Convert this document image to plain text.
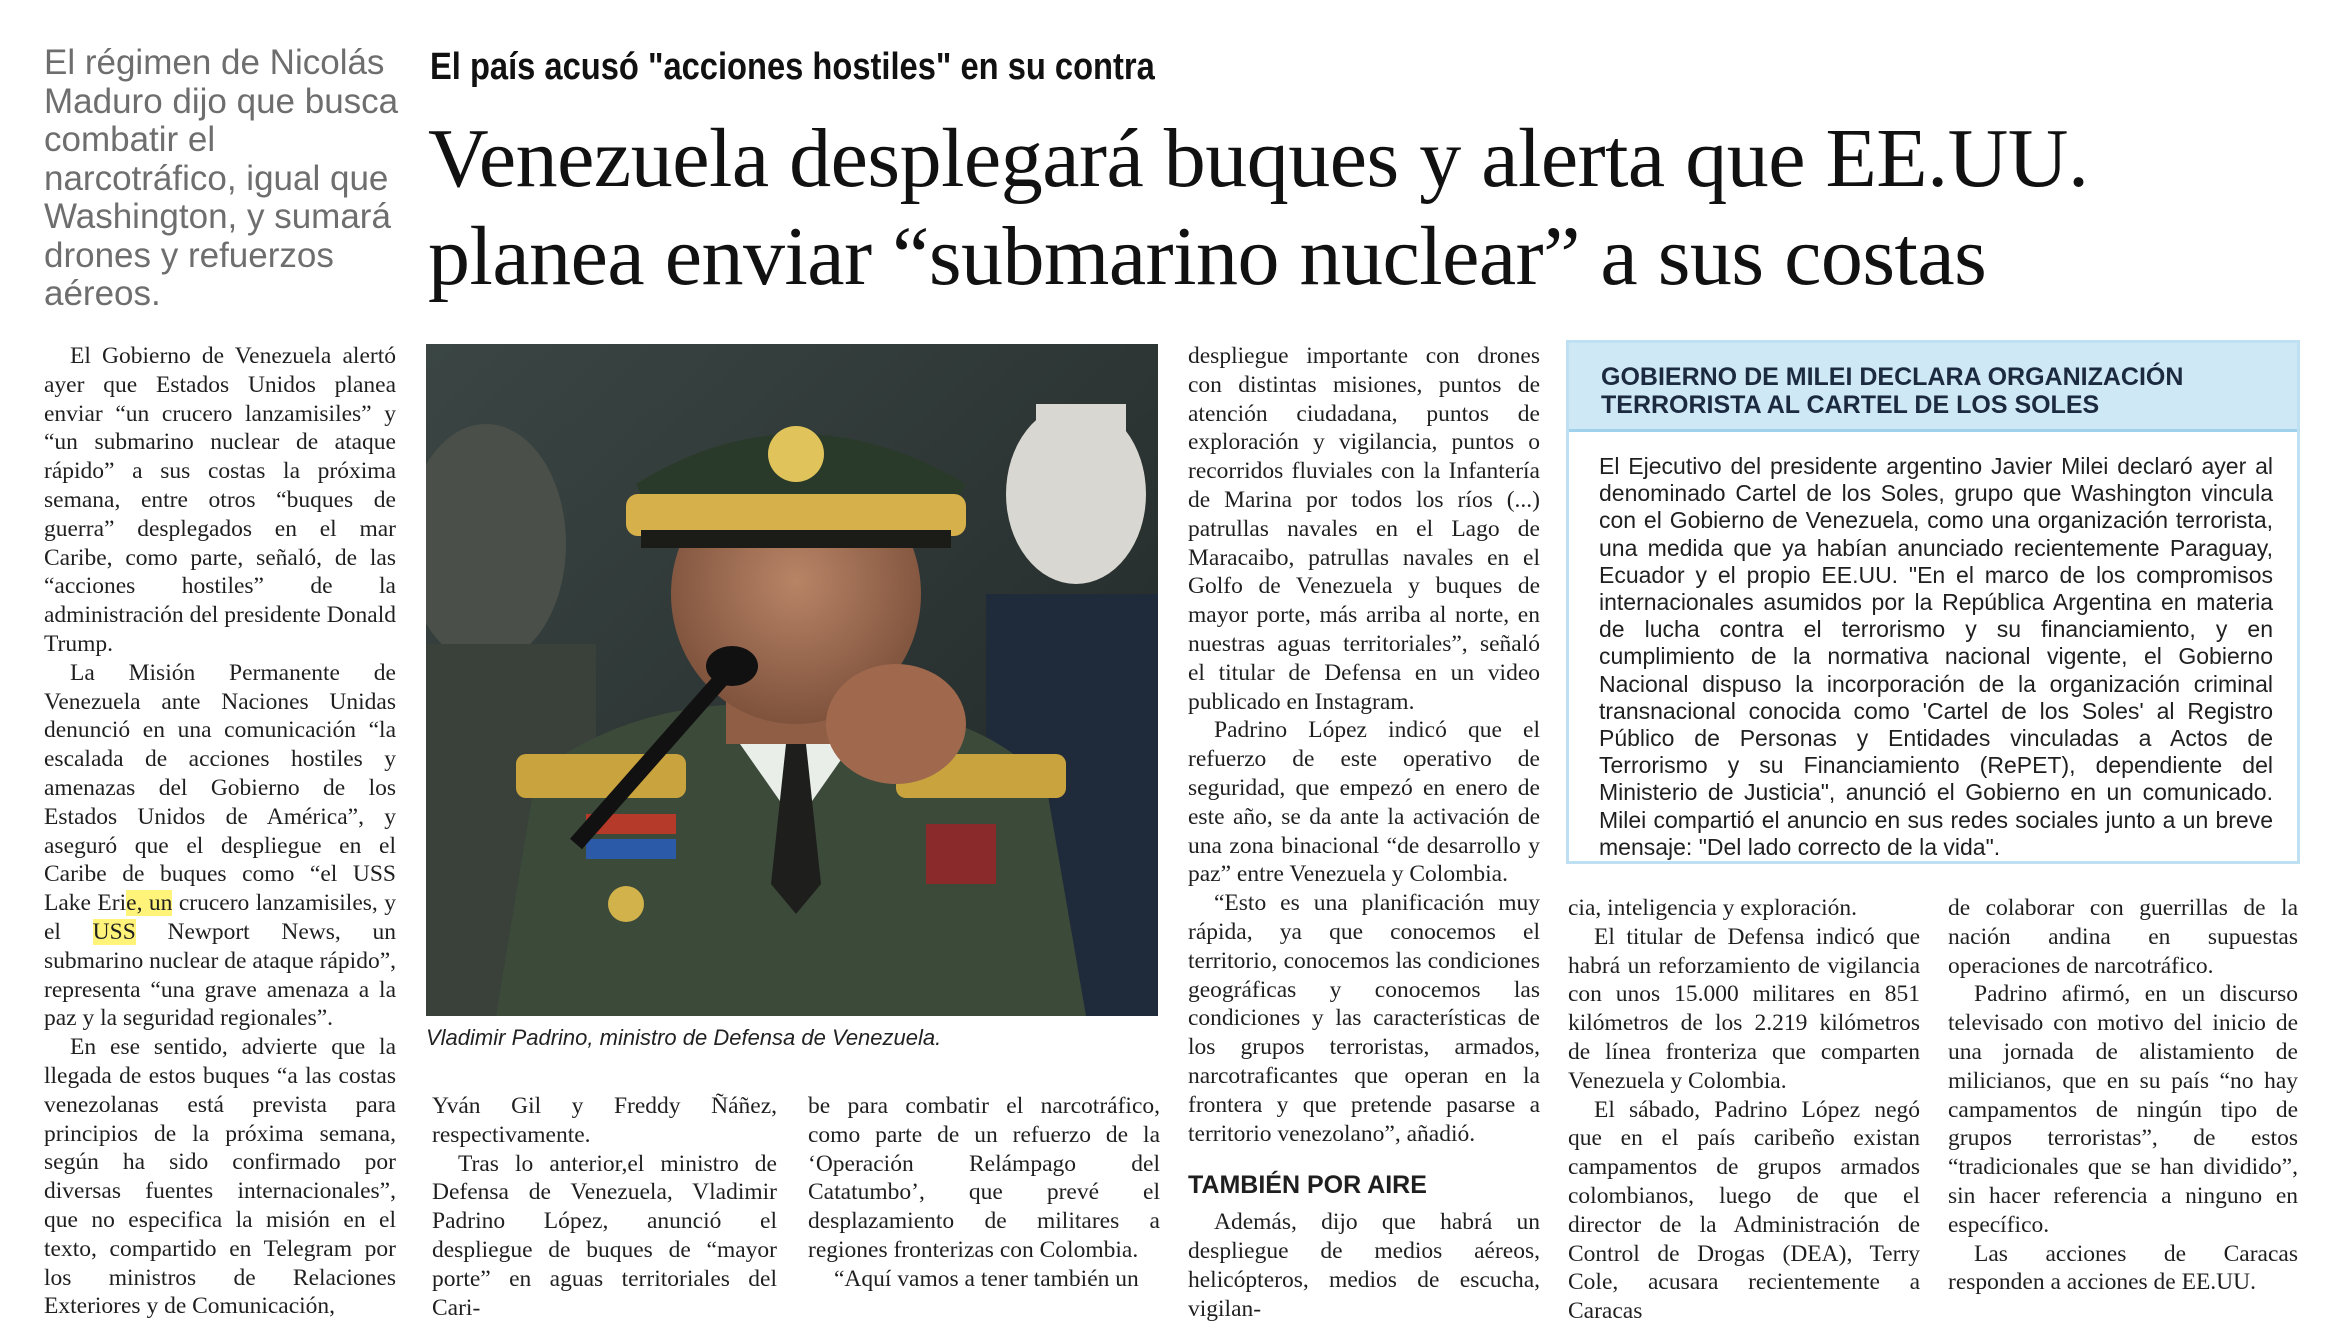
El régimen de Nicolás Maduro dijo que busca combatir el narcotráfico, igual que Washington, y sumará drones y refuerzos aéreos.
El país acusó "acciones hostiles" en su contra
Venezuela desplegará buques y alerta que EE.UU.
planea enviar “submarino nuclear” a sus costas

El Gobierno de Venezuela alertó ayer que Estados Unidos planea enviar “un crucero lanzamisiles” y “un submarino nuclear de ataque rápido” a sus costas la próxima semana, entre otros “buques de guerra” desplegados en el mar Caribe, como parte, señaló, de las “acciones hostiles” de la administración del presidente Donald Trump.

La Misión Permanente de Venezuela ante Naciones Unidas denunció en una comunicación “la escalada de acciones hostiles y amenazas del Gobierno de los Estados Unidos de América”, y aseguró que el despliegue en el Caribe de buques como “el USS Lake Erie, un crucero lanzamisiles, y el USS Newport News, un submarino nuclear de ataque rápido”, representa “una grave amenaza a la paz y la seguridad regionales”.

En ese sentido, advierte que la llegada de estos buques “a las costas venezolanas está prevista para principios de la próxima semana, según ha sido confirmado por diversas fuentes internacionales”, que no especifica la misión en el texto, compartido en Telegram por los ministros de Relaciones Exteriores y de Comunicación,

Vladimir Padrino, ministro de Defensa de Venezuela.

Yván Gil y Freddy Ñáñez, respectivamente.

Tras lo anterior,el ministro de Defensa de Venezuela, Vladimir Padrino López, anunció el despliegue de buques de “mayor porte” en aguas territoriales del Cari-

be para combatir el narcotráfico, como parte de un refuerzo de la ‘Operación Relámpago del Catatumbo’, que prevé el desplazamiento de militares a regiones fronterizas con Colombia.

“Aquí vamos a tener también un

despliegue importante con drones con distintas misiones, puntos de atención ciudadana, puntos de exploración y vigilancia, puntos o recorridos fluviales con la Infantería de Marina por todos los ríos (...) patrullas navales en el Lago de Maracaibo, patrullas navales en el Golfo de Venezuela y buques de mayor porte, más arriba al norte, en nuestras aguas territoriales”, señaló el titular de Defensa en un video publicado en Instagram.

Padrino López indicó que el refuerzo de este operativo de seguridad, que empezó en enero de este año, se da ante la activación de una zona binacional “de desarrollo y paz” entre Venezuela y Colombia.

“Esto es una planificación muy rápida, ya que conocemos el territorio, conocemos las condiciones geográficas y conocemos las condiciones y las características de los grupos terroristas, armados, narcotraficantes que operan en la frontera y que pretende pasarse a territorio venezolano”, añadió.

TAMBIÉN POR AIRE

Además, dijo que habrá un despliegue de medios aéreos, helicópteros, medios de escucha, vigilan-

GOBIERNO DE MILEI DECLARA ORGANIZACIÓN TERRORISTA AL CARTEL DE LOS SOLES
El Ejecutivo del presidente argentino Javier Milei declaró ayer al denominado Cartel de los Soles, grupo que Washington vincula con el Gobierno de Venezuela, como una organización terrorista, una medida que ya habían anunciado recientemente Paraguay, Ecuador y el propio EE.UU. "En el marco de los compromisos internacionales asumidos por la República Argentina en materia de lucha contra el terrorismo y su financiamiento, y en cumplimiento de la normativa nacional vigente, el Gobierno Nacional dispuso la incorporación de la organización criminal transnacional conocida como 'Cartel de los Soles' al Registro Público de Personas y Entidades vinculadas a Actos de Terrorismo y su Financiamiento (RePET), dependiente del Ministerio de Justicia", anunció el Gobierno en un comunicado. Milei compartió el anuncio en sus redes sociales junto a un breve mensaje: "Del lado correcto de la vida".

cia, inteligencia y exploración.

El titular de Defensa indicó que habrá un reforzamiento de vigilancia con unos 15.000 militares en 851 kilómetros de los 2.219 kilómetros de línea fronteriza que comparten Venezuela y Colombia.

El sábado, Padrino López negó que en el país caribeño existan campamentos de grupos armados colombianos, luego de que el director de la Administración de Control de Drogas (DEA), Terry Cole, acusara recientemente a Caracas

de colaborar con guerrillas de la nación andina en supuestas operaciones de narcotráfico.

Padrino afirmó, en un discurso televisado con motivo del inicio de una jornada de alistamiento de milicianos, que en su país “no hay campamentos de ningún tipo de grupos terroristas”, de estos “tradicionales que se han dividido”, sin hacer referencia a ninguno en específico.

Las acciones de Caracas responden a acciones de EE.UU.
